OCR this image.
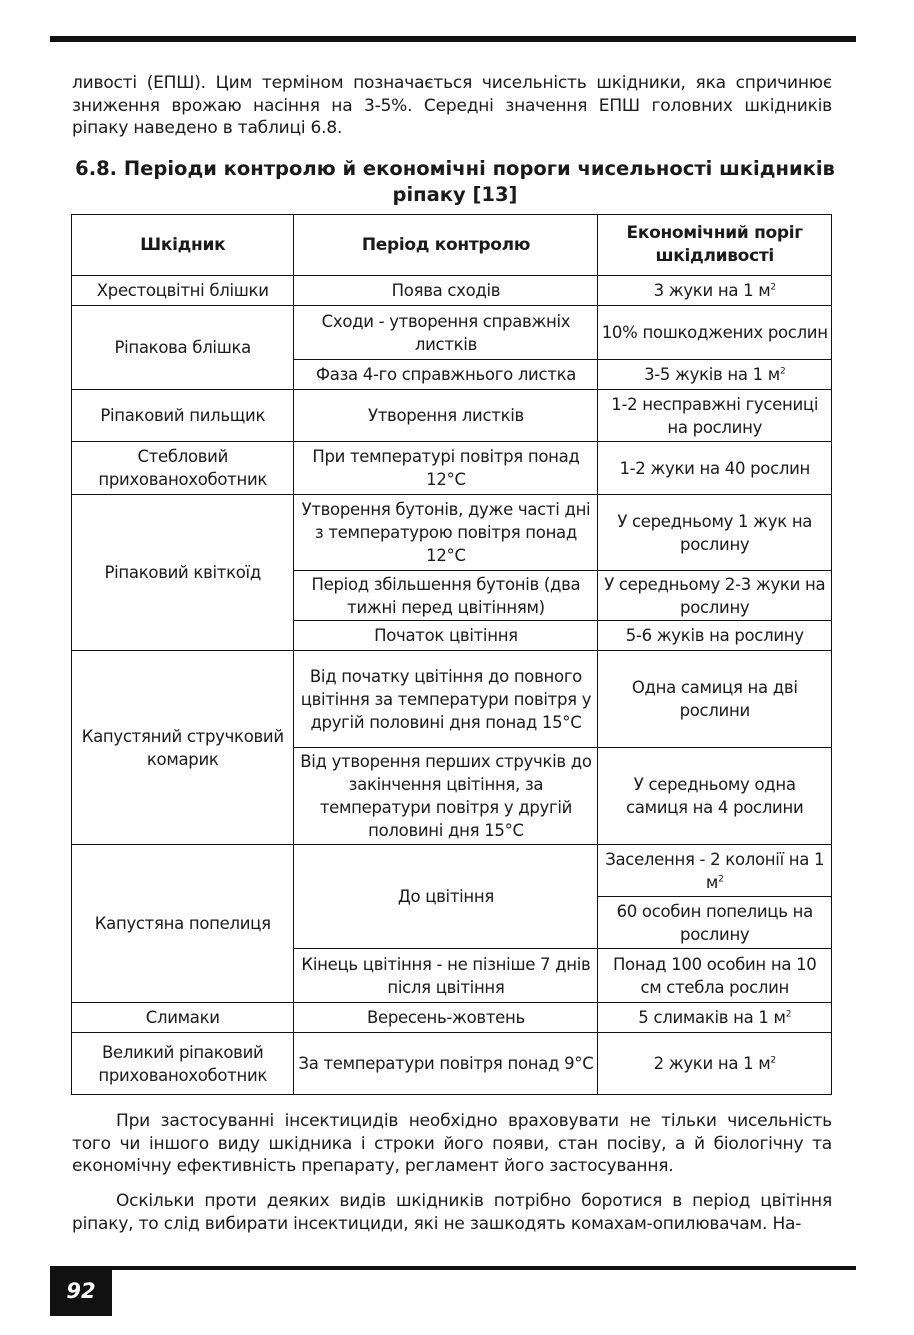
ливості (ЕПШ). Цим терміном позначається чисельність шкідники, яка спричинює зниження врожаю насіння на 3-5%. Середні значення ЕПШ головних шкідників ріпаку наведено в таблиці 6.8.

6.8. Періоди контролю й економічні пороги чисельності шкідників ріпаку [13]
Шкідник	Період контролю	Економічний поріг шкідливості
Хрестоцвітні блішки	Поява сходів	3 жуки на 1 $м^2$
Ріпакова блішка	Сходи - утворення справжніх листків	10% пошкоджених рослин
	Фаза 4-го справжнього листка	3-5 жуків на 1 $м^2$
Ріпаковий пильщик	Утворення листків	1-2 несправжні гусениці на рослину
Стебловий прихованохоботник	При температурі повітря понад 12°С	1-2 жуки на 40 рослин
Ріпаковий квіткоїд	Утворення бутонів, дуже часті дні з температурою повітря понад 12°С	У середньому 1 жук на рослину
	Період збільшення бутонів (два тижні перед цвітінням)	У середньому 2-3 жуки на рослину
	Початок цвітіння	5-6 жуків на рослину
Капустяний стручковий комарик	Від початку цвітіння до повного цвітіння за температури повітря у другій половині дня понад 15°С	Одна самиця на дві рослини
	Від утворення перших стручків до закінчення цвітіння, за температури повітря у другій половині дня 15°С	У середньому одна самиця на 4 рослини
Капустяна попелиця	До цвітіння	Заселення - 2 колонії на 1 $м^2$
		60 особин попелиць на рослину
	Кінець цвітіння - не пізніше 7 днів після цвітіння	Понад 100 особин на 10 см стебла рослин
Слимаки	Вересень-жовтень	5 слимаків на 1 $м^2$
Великий ріпаковий прихованохоботник	За температури повітря понад 9°С	2 жуки на 1 $м^2$

При застосуванні інсектицидів необхідно враховувати не тільки чисельність того чи іншого виду шкідника і строки його появи, стан посіву, а й біологічну та економічну ефективність препарату, регламент його застосування.

Оскільки проти деяких видів шкідників потрібно боротися в період цвітіння ріпаку, то слід вибирати інсектициди, які не зашкодять комахам-опилювачам. На-

92
